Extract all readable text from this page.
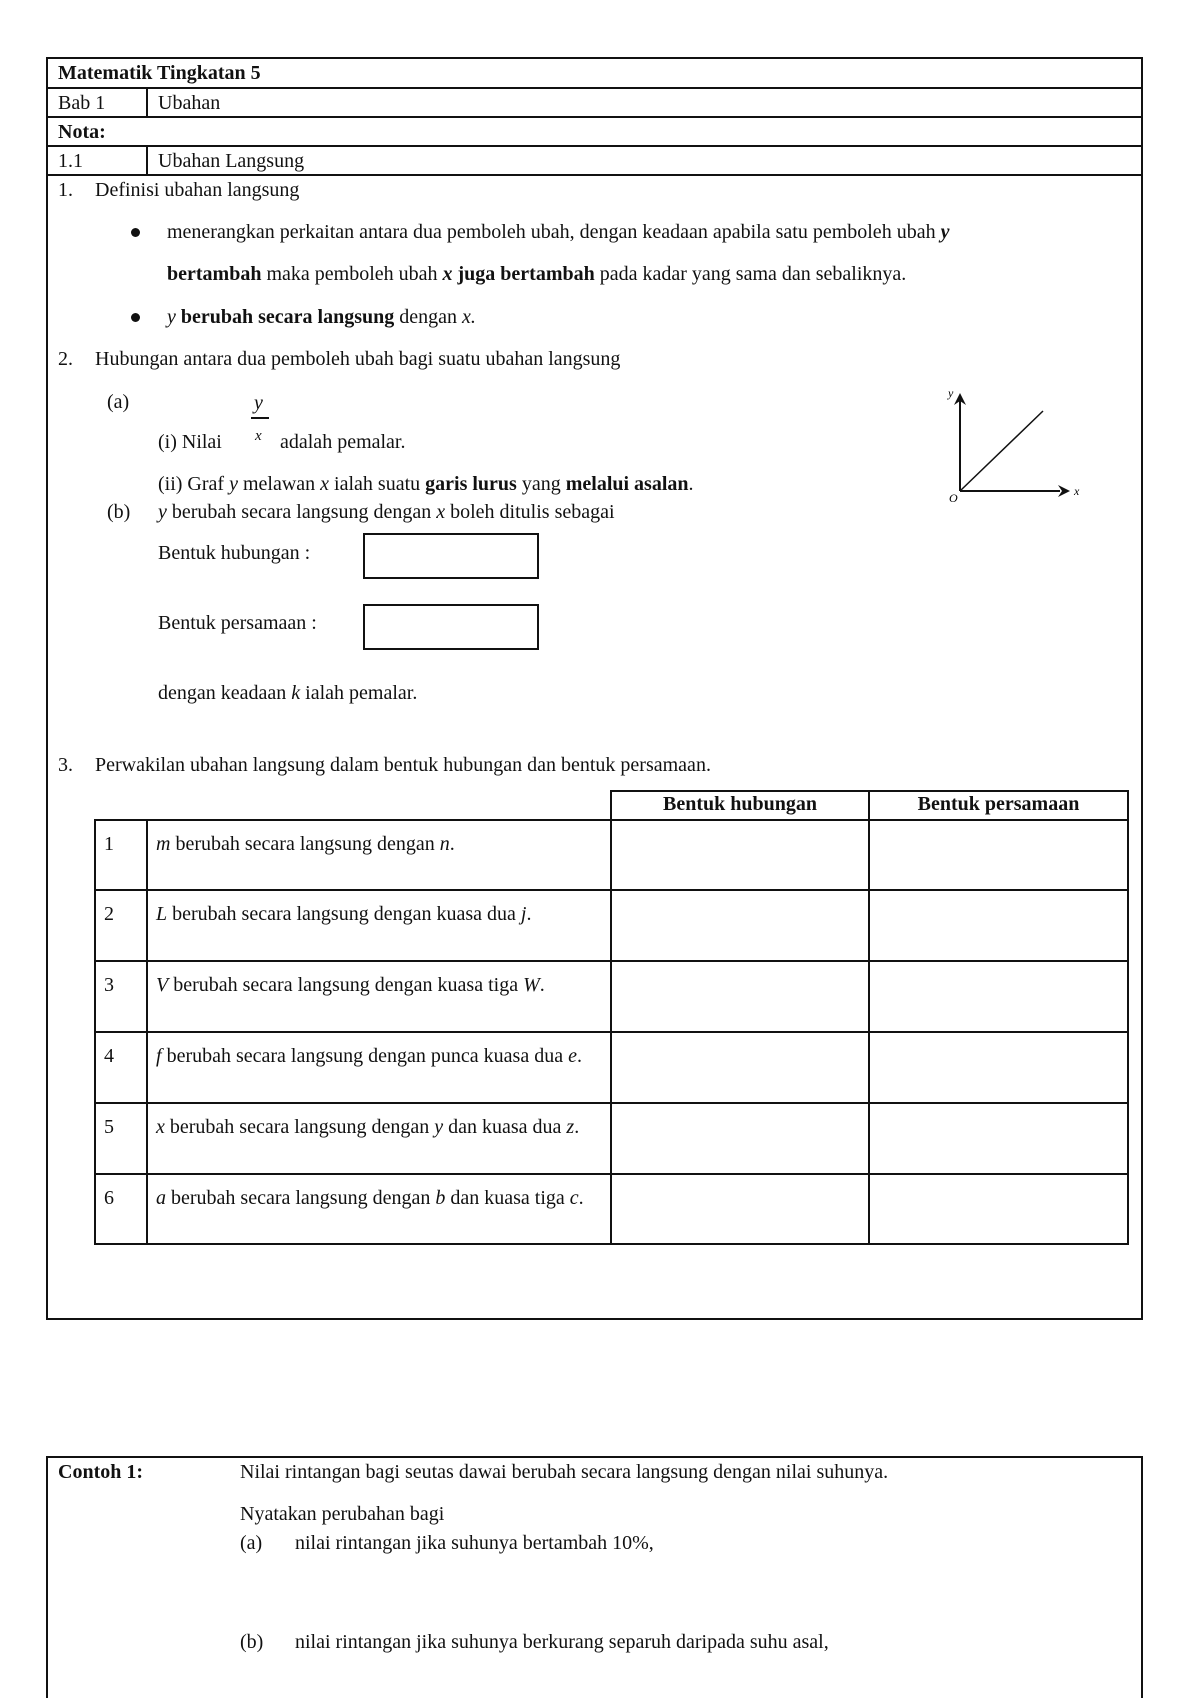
Matematik Tingkatan 5
Bab 1	Ubahan
Nota:
1.1	Ubahan Langsung
1. Definisi ubahan langsung
menerangkan perkaitan antara dua pemboleh ubah, dengan keadaan apabila satu pemboleh ubah y
bertambah maka pemboleh ubah x juga bertambah pada kadar yang sama dan sebaliknya.
y berubah secara langsung dengan x.
2. Hubungan antara dua pemboleh ubah bagi suatu ubahan langsung
(a)	y
x
(i) Nilai	adalah pemalar.
(ii) Graf y melawan x ialah suatu garis lurus yang melalui asalan.
y
x
O
(b) y berubah secara langsung dengan x boleh ditulis sebagai
Bentuk hubungan :
Bentuk persamaan :
dengan keadaan k ialah pemalar.
3. Perwakilan ubahan langsung dalam bentuk hubungan dan bentuk persamaan.
		Bentuk hubungan	Bentuk persamaan
1	m berubah secara langsung dengan n.		
2	L berubah secara langsung dengan kuasa dua j.		
3	V berubah secara langsung dengan kuasa tiga W.		
4	f berubah secara langsung dengan punca kuasa dua e.		
5	x berubah secara langsung dengan y dan kuasa dua z.		
6	a berubah secara langsung dengan b dan kuasa tiga c.		
Contoh 1:	Nilai rintangan bagi seutas dawai berubah secara langsung dengan nilai suhunya.
Nyatakan perubahan bagi
(a) nilai rintangan jika suhunya bertambah 10%,
(b) nilai rintangan jika suhunya berkurang separuh daripada suhu asal,
